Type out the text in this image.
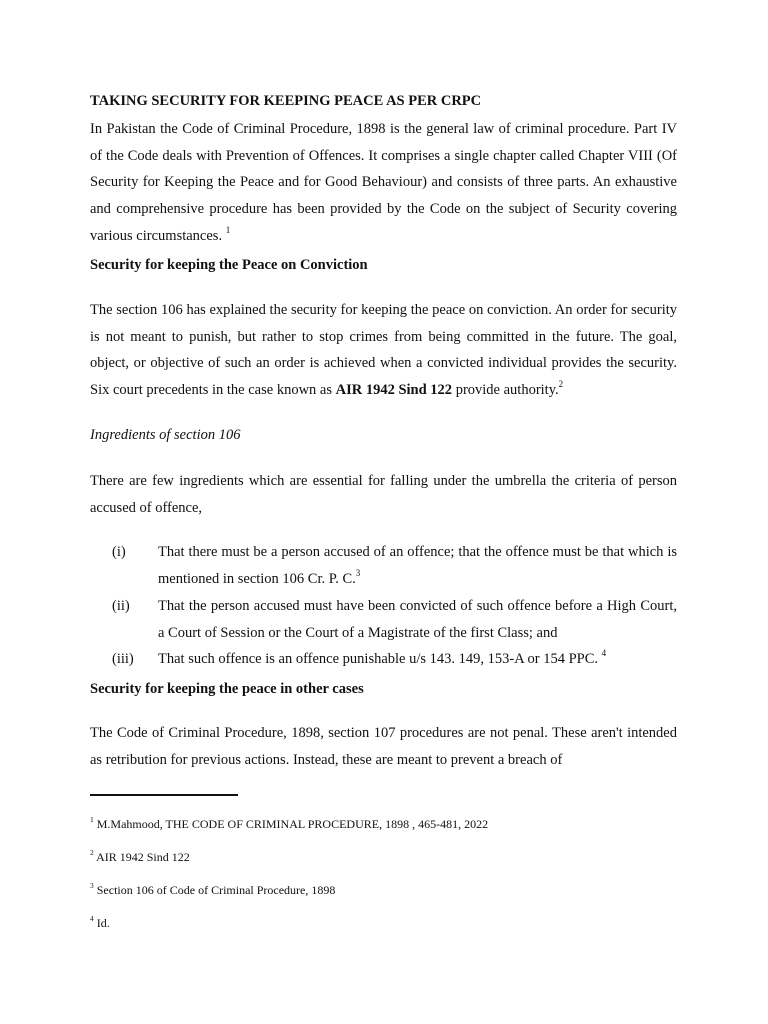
TAKING SECURITY FOR KEEPING PEACE AS PER CRPC

In Pakistan the Code of Criminal Procedure, 1898 is the general law of criminal procedure. Part IV of the Code deals with Prevention of Offences. It comprises a single chapter called Chapter VIII (Of Security for Keeping the Peace and for Good Behaviour) and consists of three parts. An exhaustive and comprehensive procedure has been provided by the Code on the subject of Security covering various circumstances. $^1$

Security for keeping the Peace on Conviction

The section 106 has explained the security for keeping the peace on conviction. An order for security is not meant to punish, but rather to stop crimes from being committed in the future. The goal, object, or objective of such an order is achieved when a convicted individual provides the security. Six court precedents in the case known as AIR 1942 Sind 122 provide authority.$^2$

Ingredients of section 106

There are few ingredients which are essential for falling under the umbrella the criteria of person accused of offence,

(i)	That there must be a person accused of an offence; that the offence must be that which is mentioned in section 106 Cr. P. C.$^3$
(ii)	That the person accused must have been convicted of such offence before a High Court, a Court of Session or the Court of a Magistrate of the first Class; and
(iii)	That such offence is an offence punishable u/s 143. 149, 153-A or 154 PPC. $^4$

Security for keeping the peace in other cases

The Code of Criminal Procedure, 1898, section 107 procedures are not penal. These aren't intended as retribution for previous actions. Instead, these are meant to prevent a breach of

$^1$ M.Mahmood, THE CODE OF CRIMINAL PROCEDURE, 1898 , 465-481, 2022
$^2$ AIR 1942 Sind 122
$^3$ Section 106 of Code of Criminal Procedure, 1898
$^4$ Id.
